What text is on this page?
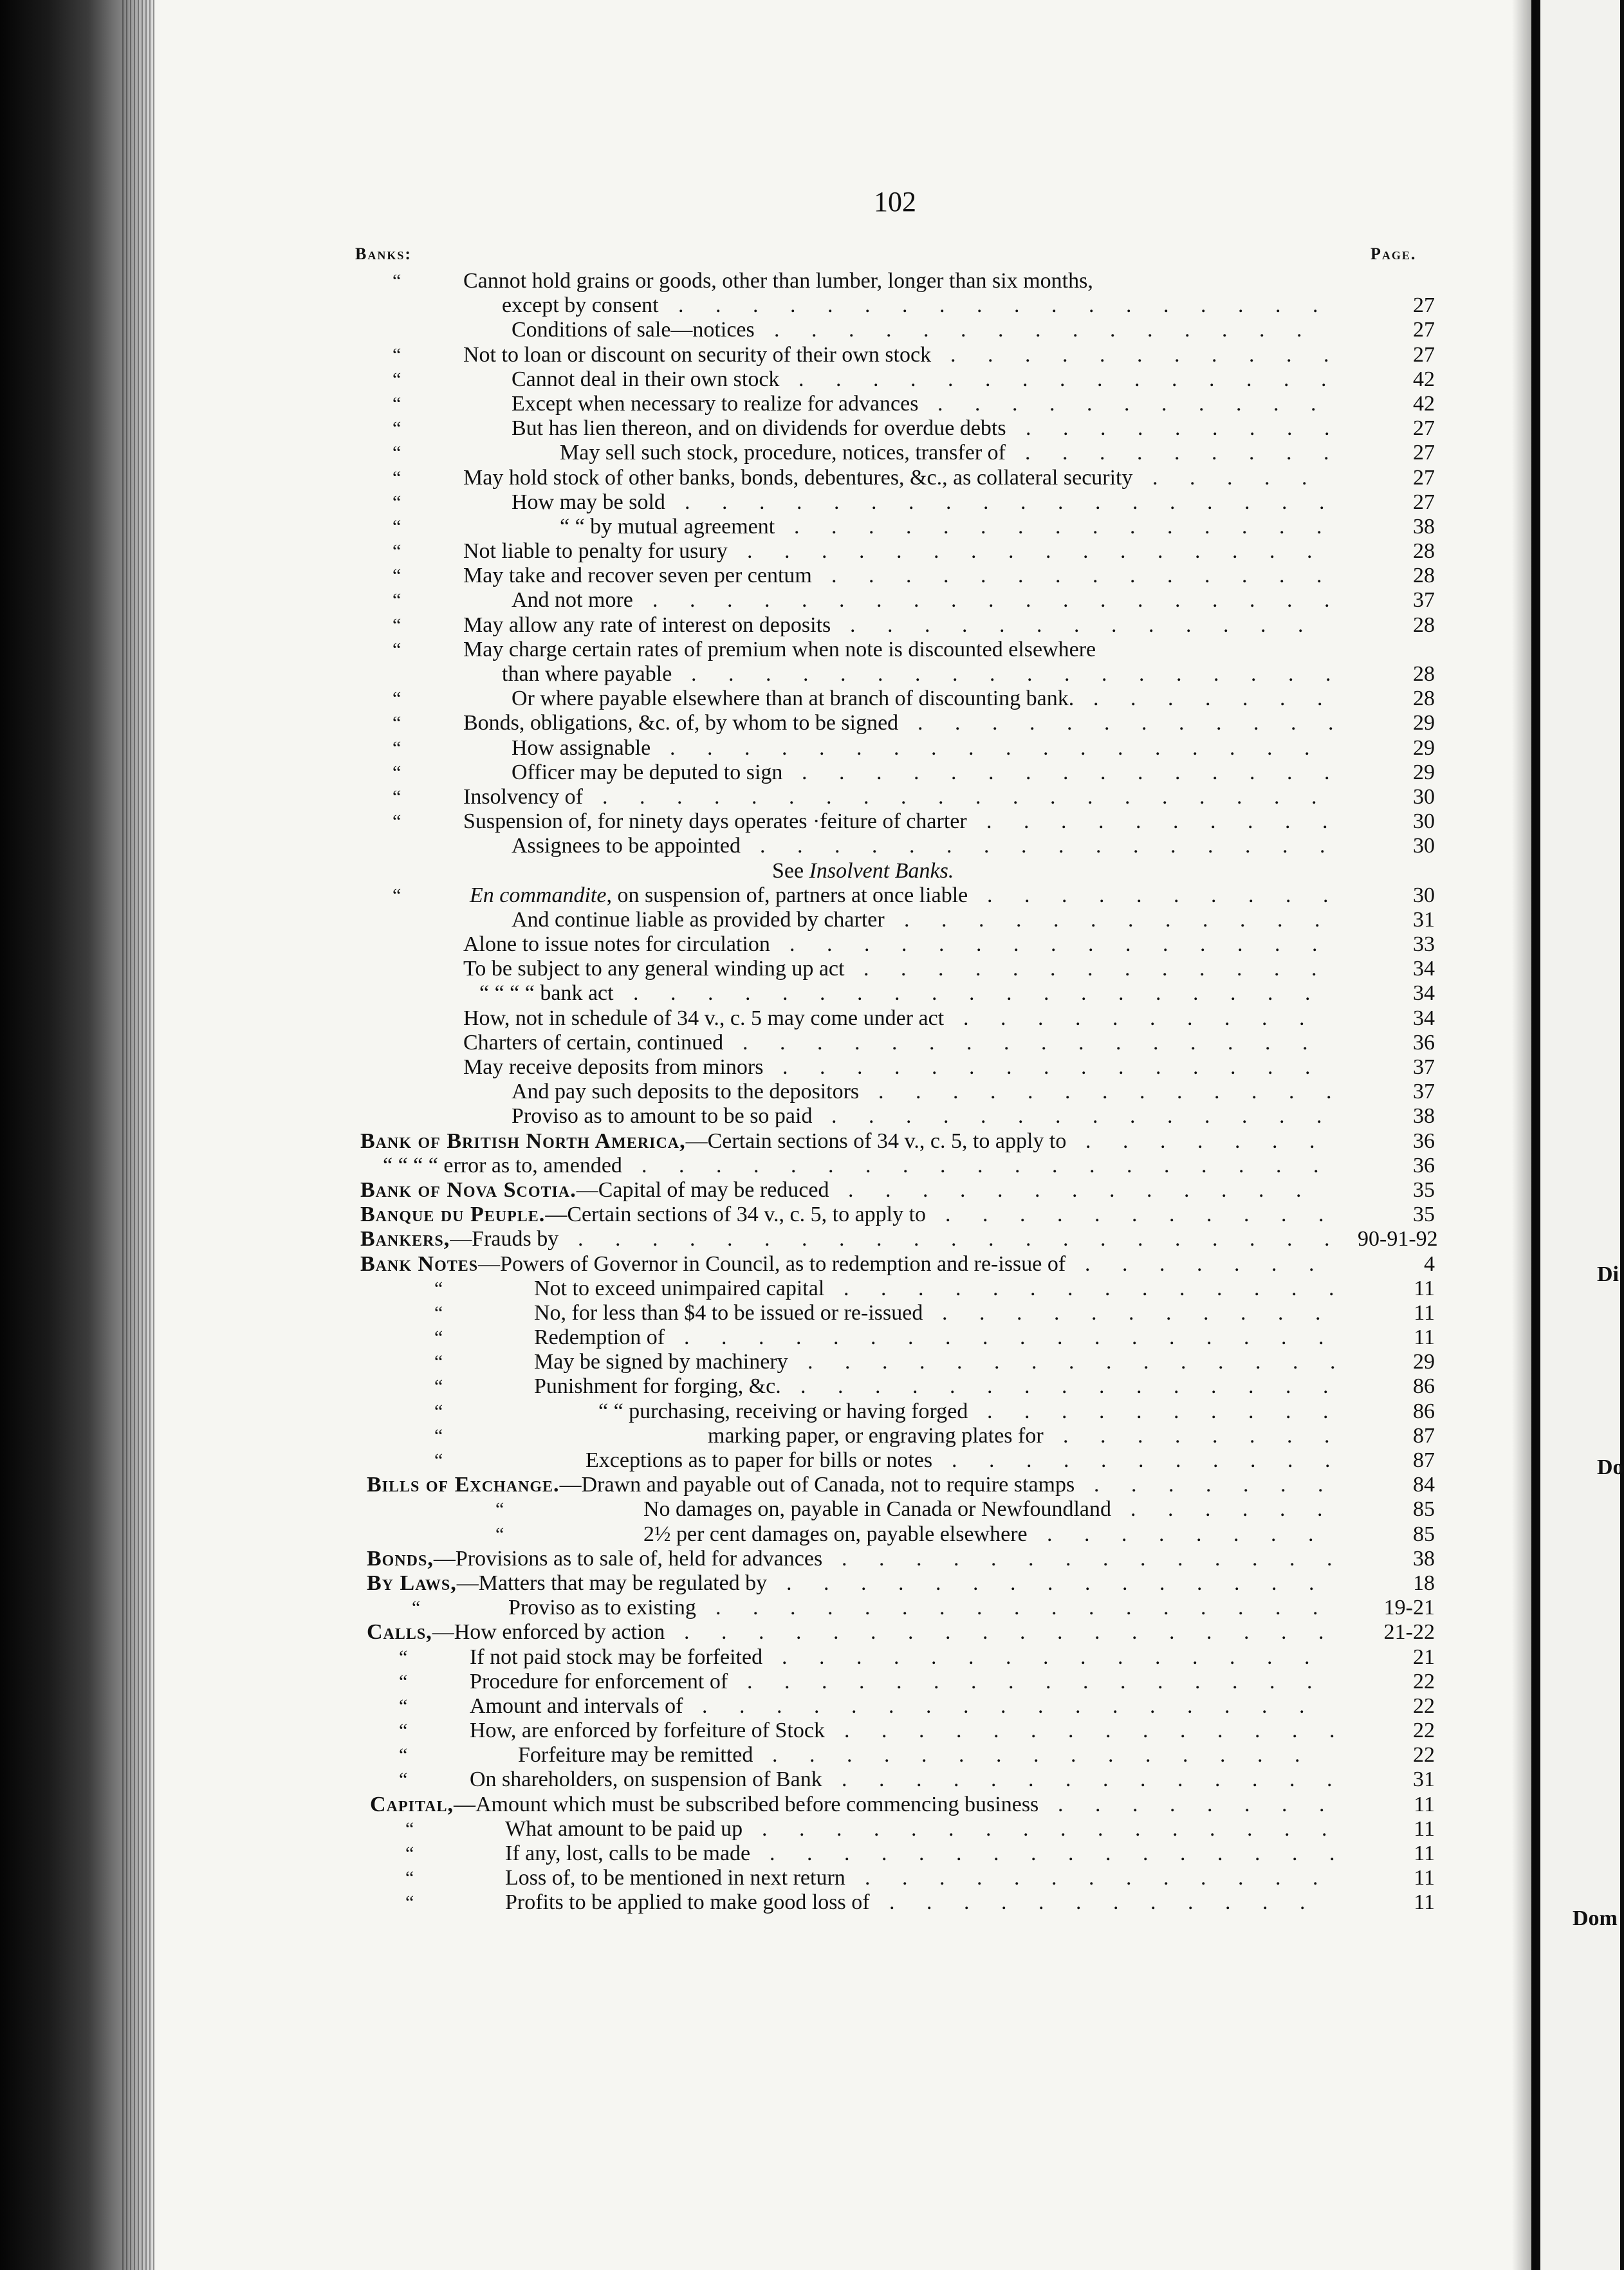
Di
Do
Dom
102
Banks:	Page.
“	Cannot hold grains or goods, other than lumber, longer than six months,
except by consent	27
. . . . . . . . . . . . . . . . . .
Conditions of sale—notices	27
. . . . . . . . . . . . . . .
“	Not to loan or discount on security of their own stock	27
. . . . . . . . . . .
“	Cannot deal in their own stock	42
. . . . . . . . . . . . . . .
“	Except when necessary to realize for advances	42
. . . . . . . . . . .
“	But has lien thereon, and on dividends for overdue debts	27
. . . . . . . . .
“	May sell such stock, procedure, notices, transfer of	27
. . . . . . . . .
“	May hold stock of other banks, bonds, debentures, &c., as collateral security	27
. . . . .
“	How may be sold	27
. . . . . . . . . . . . . . . . . .
“	“ “ by mutual agreement	38
. . . . . . . . . . . . . . .
“	Not liable to penalty for usury	28
. . . . . . . . . . . . . . . .
“	May take and recover seven per centum	28
. . . . . . . . . . . . . .
“	And not more	37
. . . . . . . . . . . . . . . . . . .
“	May allow any rate of interest on deposits	28
. . . . . . . . . . . . .
“	May charge certain rates of premium when note is discounted elsewhere
than where payable	28
. . . . . . . . . . . . . . . . . .
“	Or where payable elsewhere than at branch of discounting bank.	28
. . . . . . .
“	Bonds, obligations, &c. of, by whom to be signed	29
. . . . . . . . . . . .
“	How assignable	29
. . . . . . . . . . . . . . . . . .
“	Officer may be deputed to sign	29
. . . . . . . . . . . . . . .
“	Insolvency of	30
. . . . . . . . . . . . . . . . . . . .
“	Suspension of, for ninety days operates ·feiture of charter	30
. . . . . . . . . .
Assignees to be appointed	30
. . . . . . . . . . . . . . . .
See Insolvent Banks.
“	En commandite, on suspension of, partners at once liable	30
. . . . . . . . . .
And continue liable as provided by charter	31
. . . . . . . . . . . .
Alone to issue notes for circulation	33
. . . . . . . . . . . . . . .
To be subject to any general winding up act	34
. . . . . . . . . . . . .
“ “ “ “ bank act	34
. . . . . . . . . . . . . . . . . . .
How, not in schedule of 34 v., c. 5 may come under act	34
. . . . . . . . . .
Charters of certain, continued	36
. . . . . . . . . . . . . . . .
May receive deposits from minors	37
. . . . . . . . . . . . . . .
And pay such deposits to the depositors	37
. . . . . . . . . . . . .
Proviso as to amount to be so paid	38
. . . . . . . . . . . . . .
Bank of British North America,—Certain sections of 34 v., c. 5, to apply to	36
. . . . . . .
“ “ “ “ error as to, amended	36
. . . . . . . . . . . . . . . . . . .
Bank of Nova Scotia.—Capital of may be reduced	35
. . . . . . . . . . . . .
Banque du Peuple.—Certain sections of 34 v., c. 5, to apply to	35
. . . . . . . . . . .
Bankers,—Frauds by	90-91-92
. . . . . . . . . . . . . . . . . . . . .
Bank Notes—Powers of Governor in Council, as to redemption and re-issue of	4
. . . . . . .
“	Not to exceed unimpaired capital	11
. . . . . . . . . . . . . .
“	No, for less than $4 to be issued or re-issued	11
. . . . . . . . . . .
“	Redemption of	11
. . . . . . . . . . . . . . . . . .
“	May be signed by machinery	29
. . . . . . . . . . . . . . .
“	Punishment for forging, &c.	86
. . . . . . . . . . . . . . .
“	“ “ purchasing, receiving or having forged	86
. . . . . . . . . .
“	marking paper, or engraving plates for	87
. . . . . . . .
“	Exceptions as to paper for bills or notes	87
. . . . . . . . . . .
Bills of Exchange.—Drawn and payable out of Canada, not to require stamps	84
. . . . . . .
“	No damages on, payable in Canada or Newfoundland	85
. . . . . .
“	2½ per cent damages on, payable elsewhere	85
. . . . . . . .
Bonds,—Provisions as to sale of, held for advances	38
. . . . . . . . . . . . . .
By Laws,—Matters that may be regulated by	18
. . . . . . . . . . . . . . .
“	Proviso as to existing	19-21
. . . . . . . . . . . . . . . . .
Calls,—How enforced by action	21-22
. . . . . . . . . . . . . . . . . .
“	If not paid stock may be forfeited	21
. . . . . . . . . . . . . . .
“	Procedure for enforcement of	22
. . . . . . . . . . . . . . . .
“	Amount and intervals of	22
. . . . . . . . . . . . . . . . .
“	How, are enforced by forfeiture of Stock	22
. . . . . . . . . . . . . .
“	Forfeiture may be remitted	22
. . . . . . . . . . . . . . .
“	On shareholders, on suspension of Bank	31
. . . . . . . . . . . . . .
Capital,—Amount which must be subscribed before commencing business	11
. . . . . . . .
“	What amount to be paid up	11
. . . . . . . . . . . . . . . .
“	If any, lost, calls to be made	11
. . . . . . . . . . . . . . . .
“	Loss of, to be mentioned in next return	11
. . . . . . . . . . . . .
“	Profits to be applied to make good loss of	11
. . . . . . . . . . . .
